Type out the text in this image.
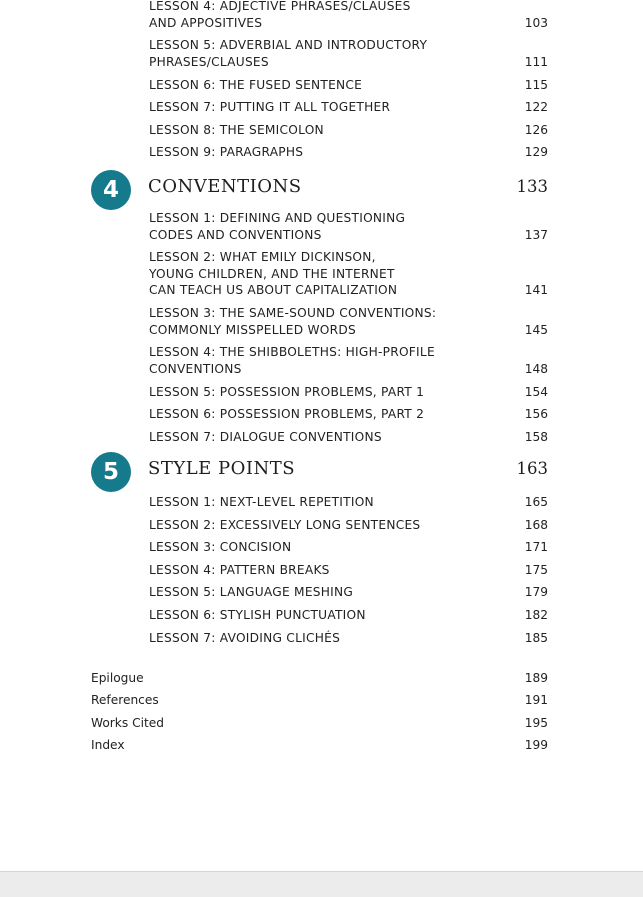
LESSON 4: ADJECTIVE PHRASES/CLAUSES
AND APPOSITIVES	103
LESSON 5: ADVERBIAL AND INTRODUCTORY
PHRASES/CLAUSES	111
LESSON 6: THE FUSED SENTENCE	115
LESSON 7: PUTTING IT ALL TOGETHER	122
LESSON 8: THE SEMICOLON	126
LESSON 9: PARAGRAPHS	129
4	CONVENTIONS	133
LESSON 1: DEFINING AND QUESTIONING
CODES AND CONVENTIONS	137
LESSON 2: WHAT EMILY DICKINSON,
YOUNG CHILDREN, AND THE INTERNET
CAN TEACH US ABOUT CAPITALIZATION	141
LESSON 3: THE SAME-SOUND CONVENTIONS:
COMMONLY MISSPELLED WORDS	145
LESSON 4: THE SHIBBOLETHS: HIGH-PROFILE
CONVENTIONS	148
LESSON 5: POSSESSION PROBLEMS, PART 1	154
LESSON 6: POSSESSION PROBLEMS, PART 2	156
LESSON 7: DIALOGUE CONVENTIONS	158
5	STYLE POINTS	163
LESSON 1: NEXT-LEVEL REPETITION	165
LESSON 2: EXCESSIVELY LONG SENTENCES	168
LESSON 3: CONCISION	171
LESSON 4: PATTERN BREAKS	175
LESSON 5: LANGUAGE MESHING	179
LESSON 6: STYLISH PUNCTUATION	182
LESSON 7: AVOIDING CLICHÉS	185
Epilogue	189
References	191
Works Cited	195
Index	199
